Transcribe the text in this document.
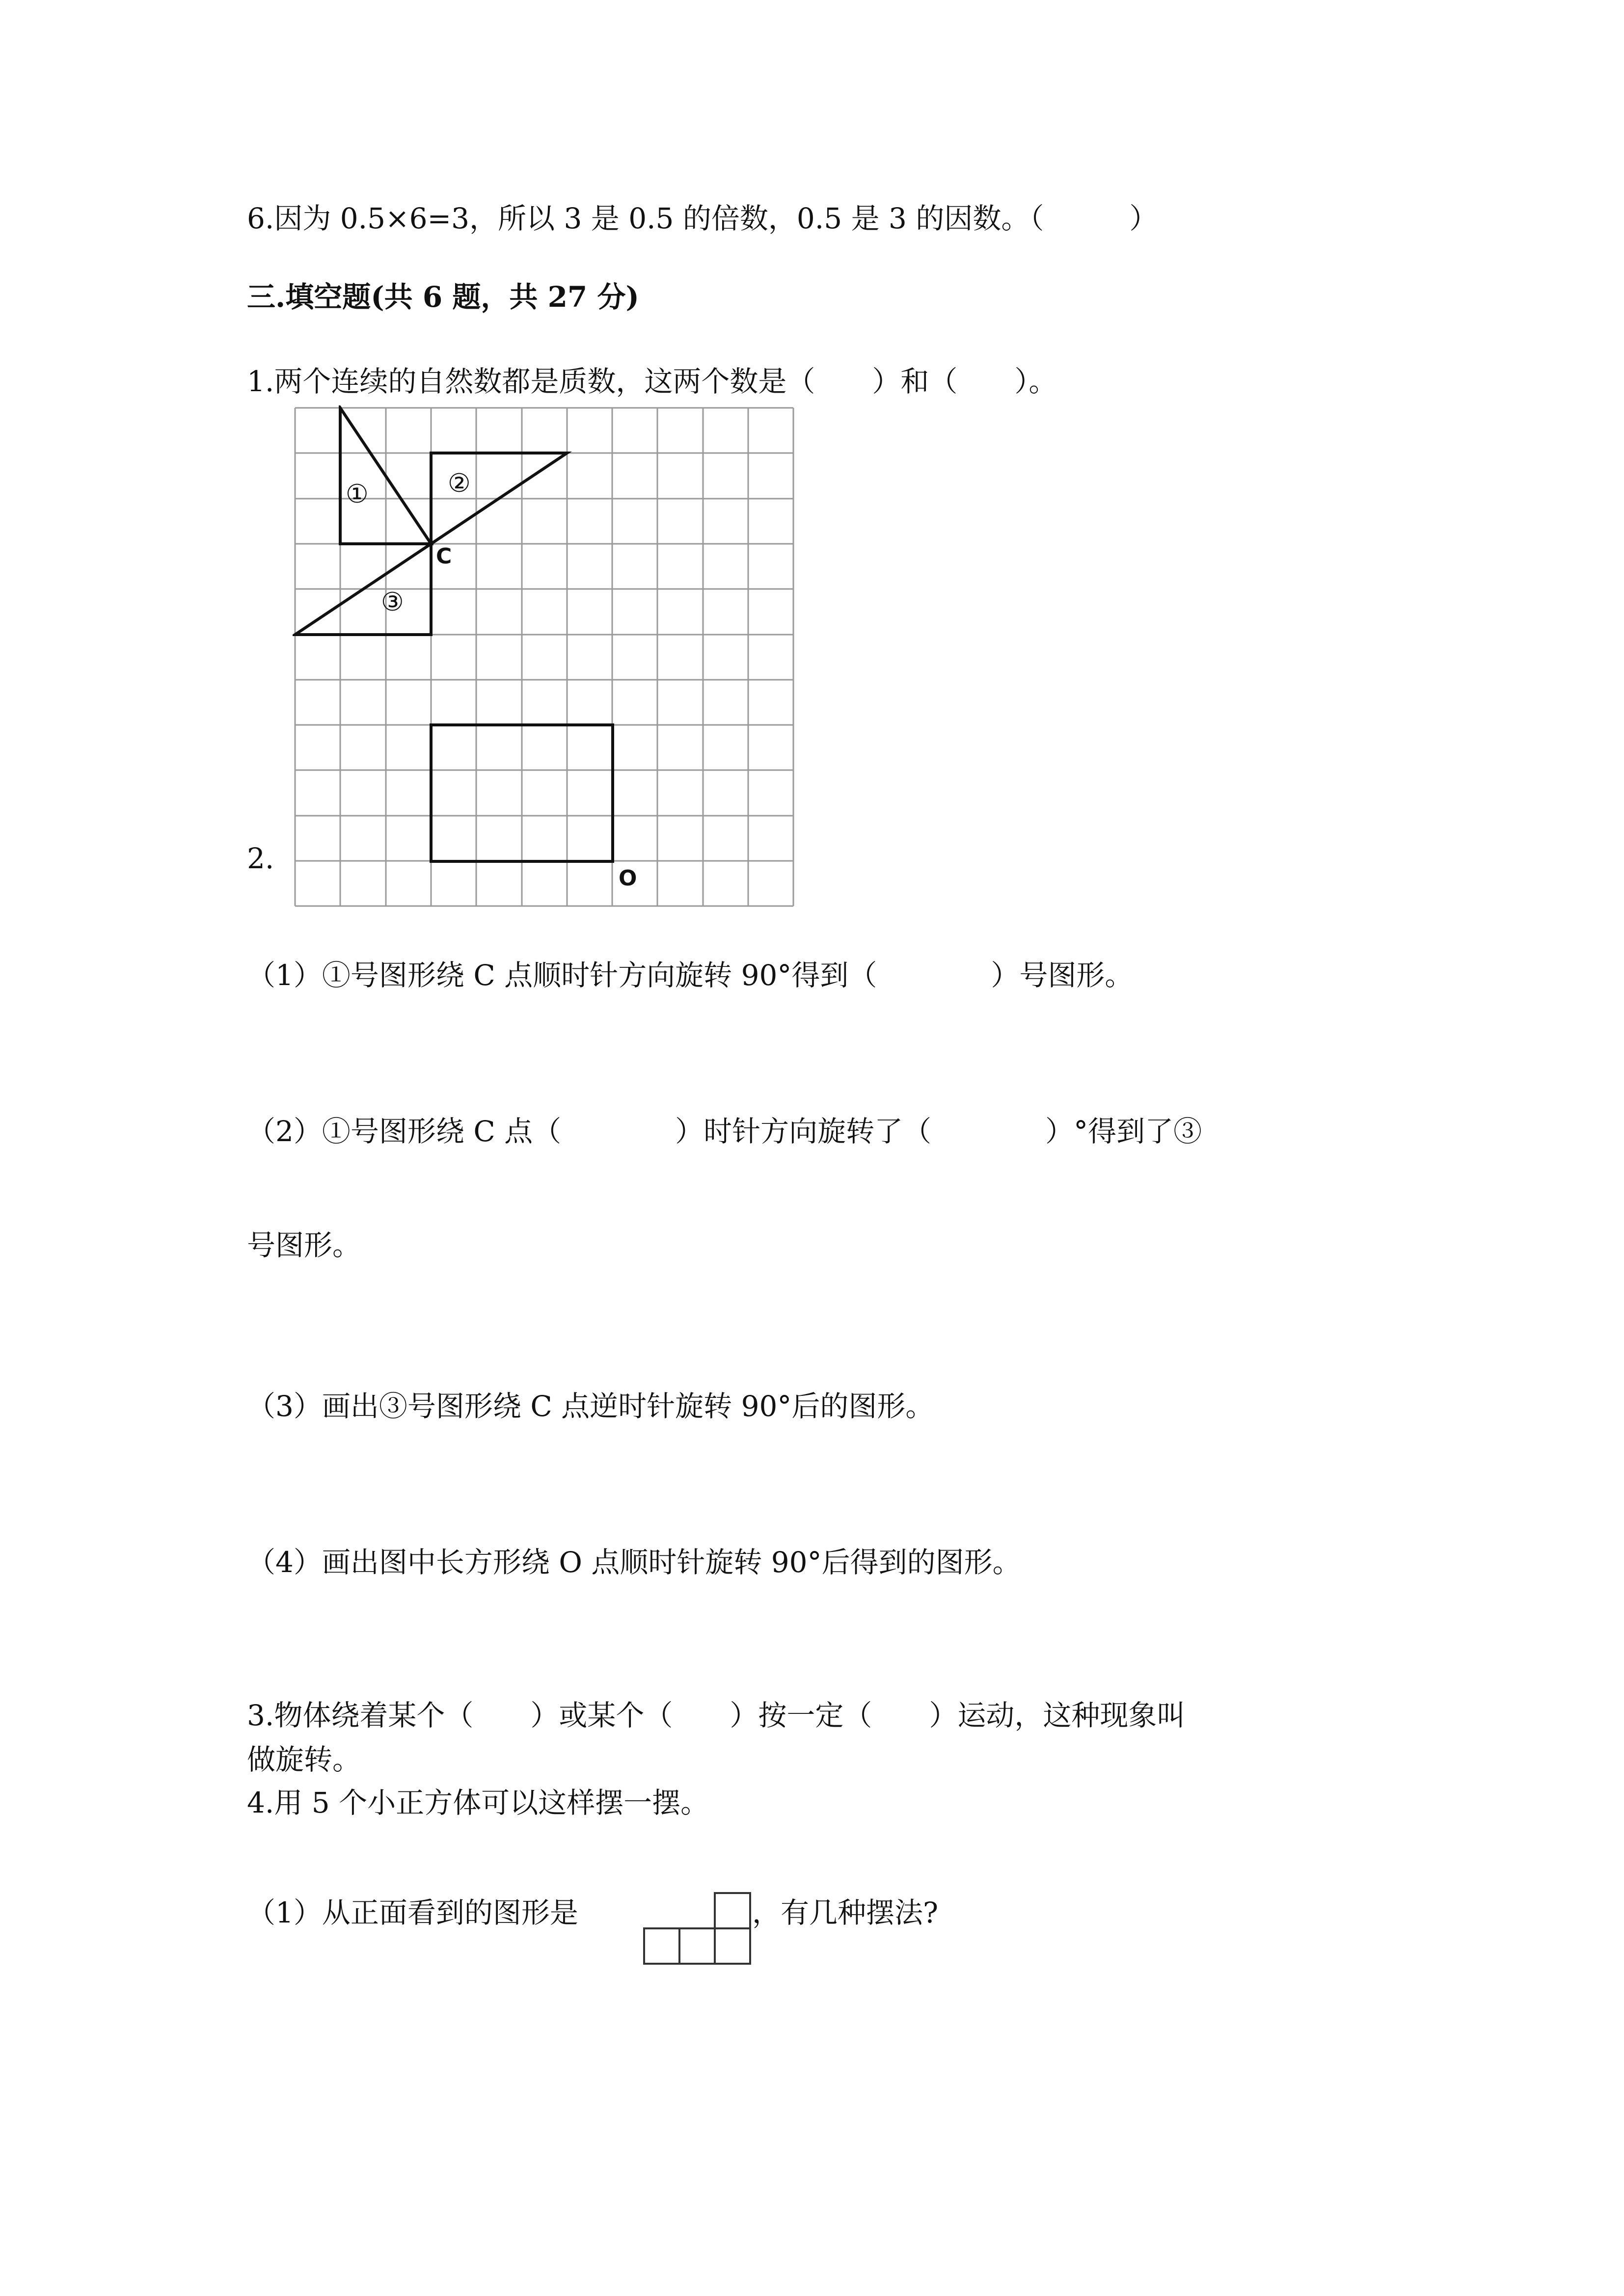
6.因为 0.5×6=3，所以 3 是 0.5 的倍数，0.5 是 3 的因数。（　　　）
三.填空题(共 6 题，共 27 分)
1.两个连续的自然数都是质数，这两个数是（　　）和（　　）。
①	②
③
C
O
2.
（1）①号图形绕 C 点顺时针方向旋转 90°得到（　　　　）号图形。
（2）①号图形绕 C 点（　　　　）时针方向旋转了（　　　　）°得到了③
号图形。
（3）画出③号图形绕 C 点逆时针旋转 90°后的图形。
（4）画出图中长方形绕 O 点顺时针旋转 90°后得到的图形。
3.物体绕着某个（　　）或某个（　　）按一定（　　）运动，这种现象叫
做旋转。
4.用 5 个小正方体可以这样摆一摆。
（1）从正面看到的图形是	，有几种摆法?
